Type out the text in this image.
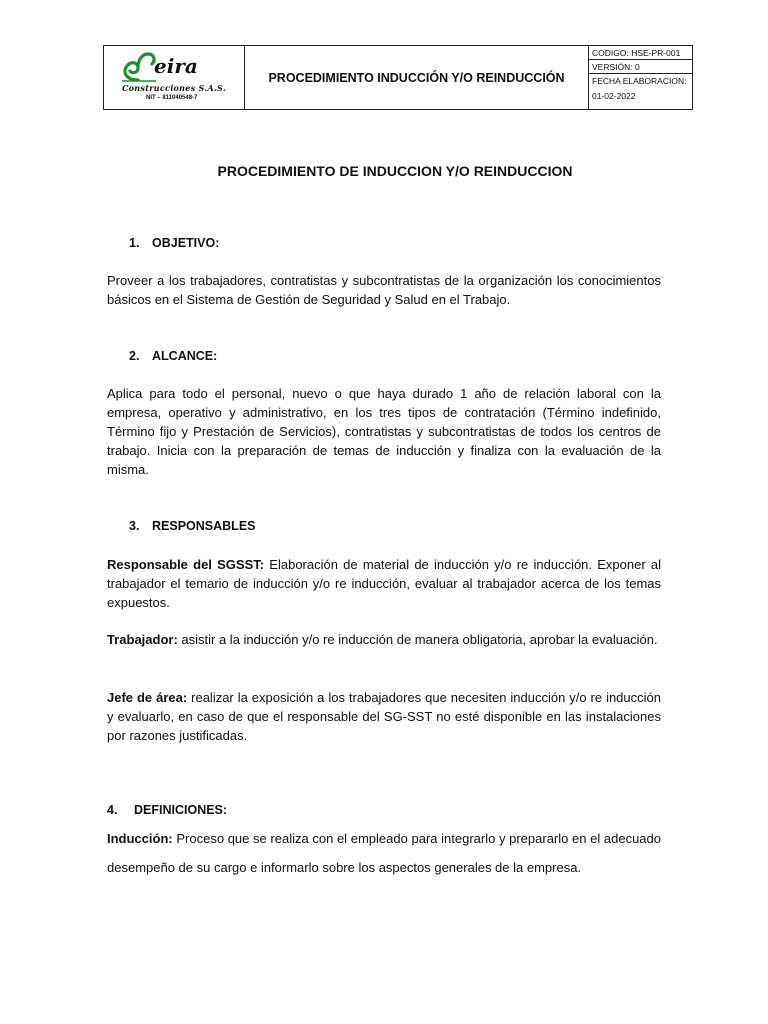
eira
Construcciones S.A.S.
NIT – 811040548-7
PROCEDIMIENTO INDUCCIÓN Y/O REINDUCCIÓN
CODIGO: HSE-PR-001
VERSIÓN: 0
FECHA ELABORACION:
01-02-2022
PROCEDIMIENTO DE INDUCCION Y/O REINDUCCION
1. OBJETIVO:
Proveer a los trabajadores, contratistas y subcontratistas de la organización los conocimientos básicos en el Sistema de Gestión de Seguridad y Salud en el Trabajo.
2. ALCANCE:
Aplica para todo el personal, nuevo o que haya durado 1 año de relación laboral con la empresa, operativo y administrativo, en los tres tipos de contratación (Término indefinido, Término fijo y Prestación de Servicios), contratistas y subcontratistas de todos los centros de trabajo. Inicia con la preparación de temas de inducción y finaliza con la evaluación de la misma.
3. RESPONSABLES
Responsable del SGSST: Elaboración de material de inducción y/o re inducción. Exponer al trabajador el temario de inducción y/o re inducción, evaluar al trabajador acerca de los temas expuestos.
Trabajador: asistir a la inducción y/o re inducción de manera obligatoria, aprobar la evaluación.
Jefe de área: realizar la exposición a los trabajadores que necesiten inducción y/o re inducción y evaluarlo, en caso de que el responsable del SG-SST no esté disponible en las instalaciones por razones justificadas.
4. DEFINICIONES:
Inducción: Proceso que se realiza con el empleado para integrarlo y prepararlo en el adecuado desempeño de su cargo e informarlo sobre los aspectos generales de la empresa.
